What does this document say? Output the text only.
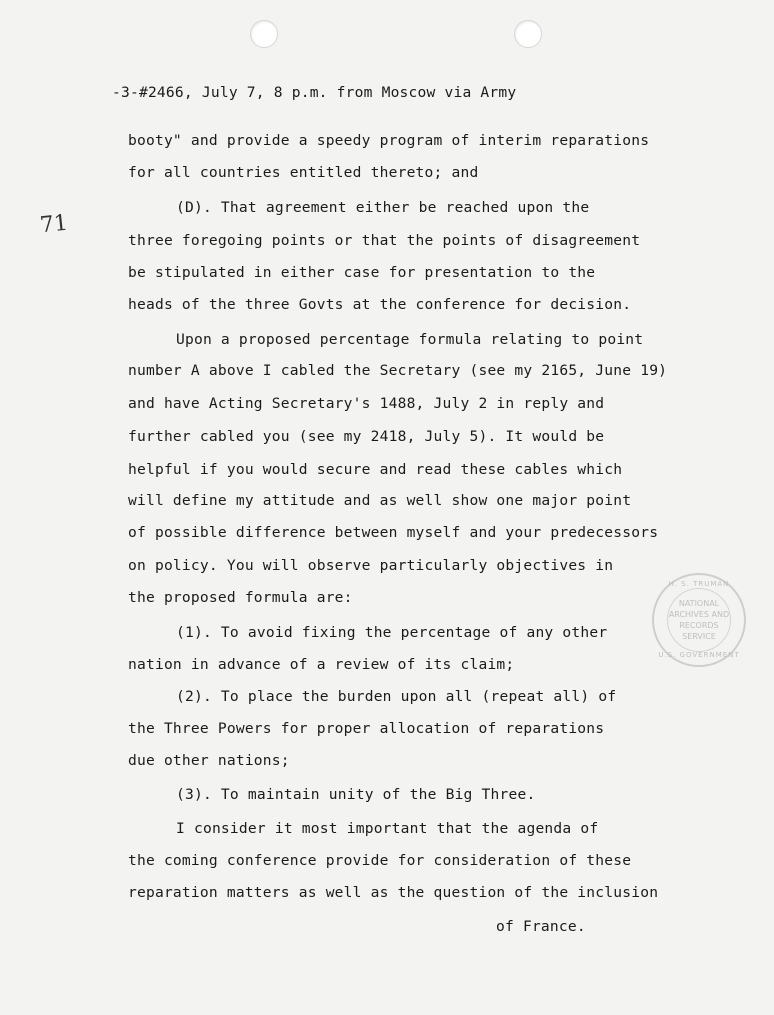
71
-3-#2466, July 7, 8 p.m. from Moscow via Army
booty" and provide a speedy program of interim reparations
for all countries entitled thereto; and
(D). That agreement either be reached upon the
three foregoing points or that the points of disagreement
be stipulated in either case for presentation to the
heads of the three Govts at the conference for decision.
Upon a proposed percentage formula relating to point
number A above I cabled the Secretary (see my 2165, June 19)
and have Acting Secretary's 1488, July 2 in reply and
further cabled you (see my 2418, July 5). It would be
helpful if you would secure and read these cables which
will define my attitude and as well show one major point
of possible difference between myself and your predecessors
on policy. You will observe particularly objectives in
the proposed formula are:
(1). To avoid fixing the percentage of any other
nation in advance of a review of its claim;
(2). To place the burden upon all (repeat all) of
the Three Powers for proper allocation of reparations
due other nations;
(3). To maintain unity of the Big Three.
I consider it most important that the agenda of
the coming conference provide for consideration of these
reparation matters as well as the question of the inclusion
of France.
H. S. TRUMAN
NATIONAL
ARCHIVES AND
RECORDS
SERVICE
U.S. GOVERNMENT
